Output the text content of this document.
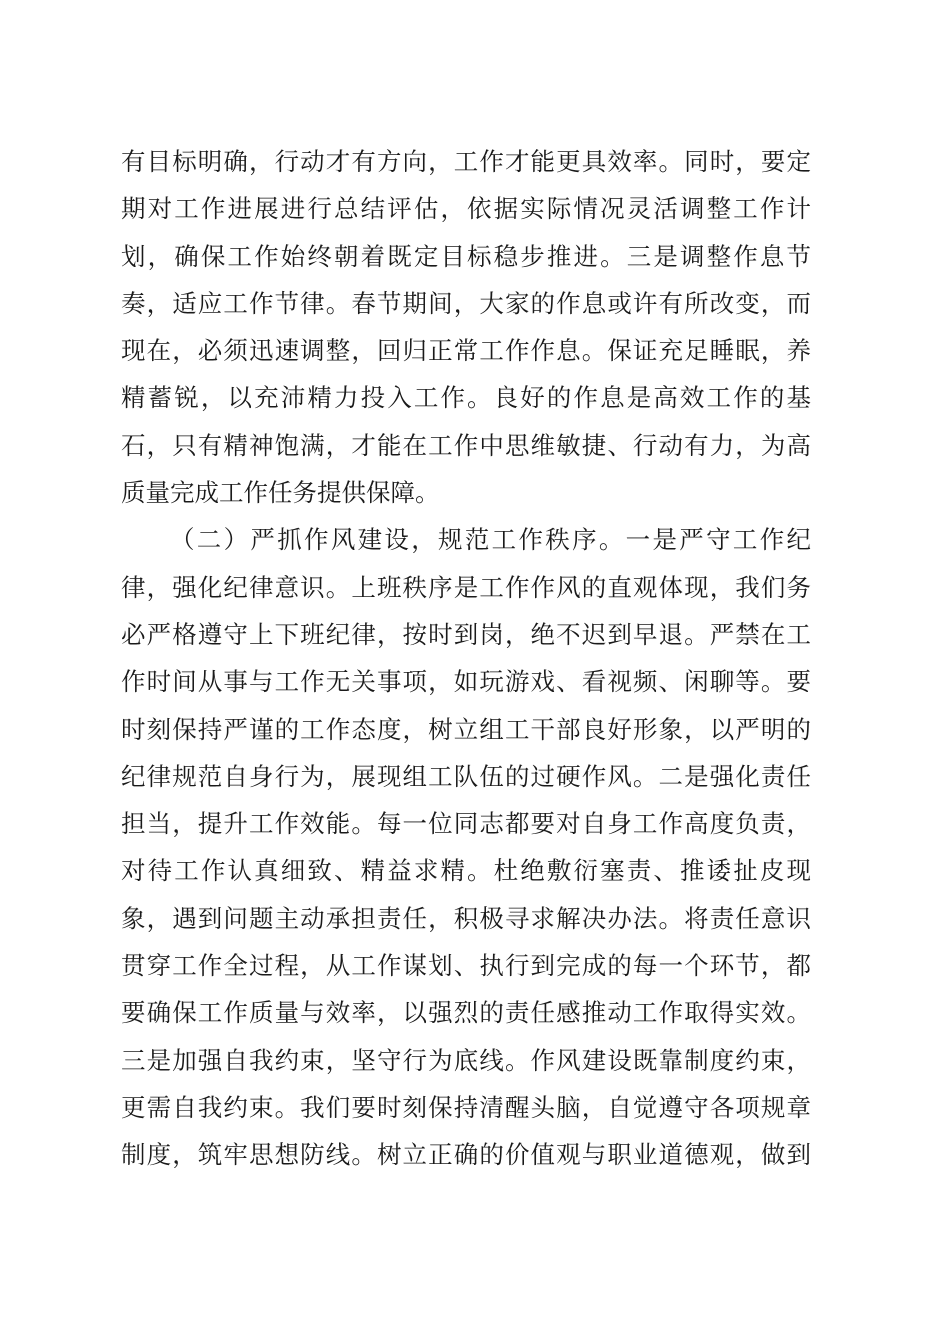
有目标明确，行动才有方向，工作才能更具效率。同时，要定
期对工作进展进行总结评估，依据实际情况灵活调整工作计
划，确保工作始终朝着既定目标稳步推进。三是调整作息节
奏，适应工作节律。春节期间，大家的作息或许有所改变，而
现在，必须迅速调整，回归正常工作作息。保证充足睡眠，养
精蓄锐，以充沛精力投入工作。良好的作息是高效工作的基
石，只有精神饱满，才能在工作中思维敏捷、行动有力，为高
质量完成工作任务提供保障。
（二）严抓作风建设，规范工作秩序。一是严守工作纪
律，强化纪律意识。上班秩序是工作作风的直观体现，我们务
必严格遵守上下班纪律，按时到岗，绝不迟到早退。严禁在工
作时间从事与工作无关事项，如玩游戏、看视频、闲聊等。要
时刻保持严谨的工作态度，树立组工干部良好形象，以严明的
纪律规范自身行为，展现组工队伍的过硬作风。二是强化责任
担当，提升工作效能。每一位同志都要对自身工作高度负责，
对待工作认真细致、精益求精。杜绝敷衍塞责、推诿扯皮现
象，遇到问题主动承担责任，积极寻求解决办法。将责任意识
贯穿工作全过程，从工作谋划、执行到完成的每一个环节，都
要确保工作质量与效率，以强烈的责任感推动工作取得实效。
三是加强自我约束，坚守行为底线。作风建设既靠制度约束，
更需自我约束。我们要时刻保持清醒头脑，自觉遵守各项规章
制度，筑牢思想防线。树立正确的价值观与职业道德观，做到
